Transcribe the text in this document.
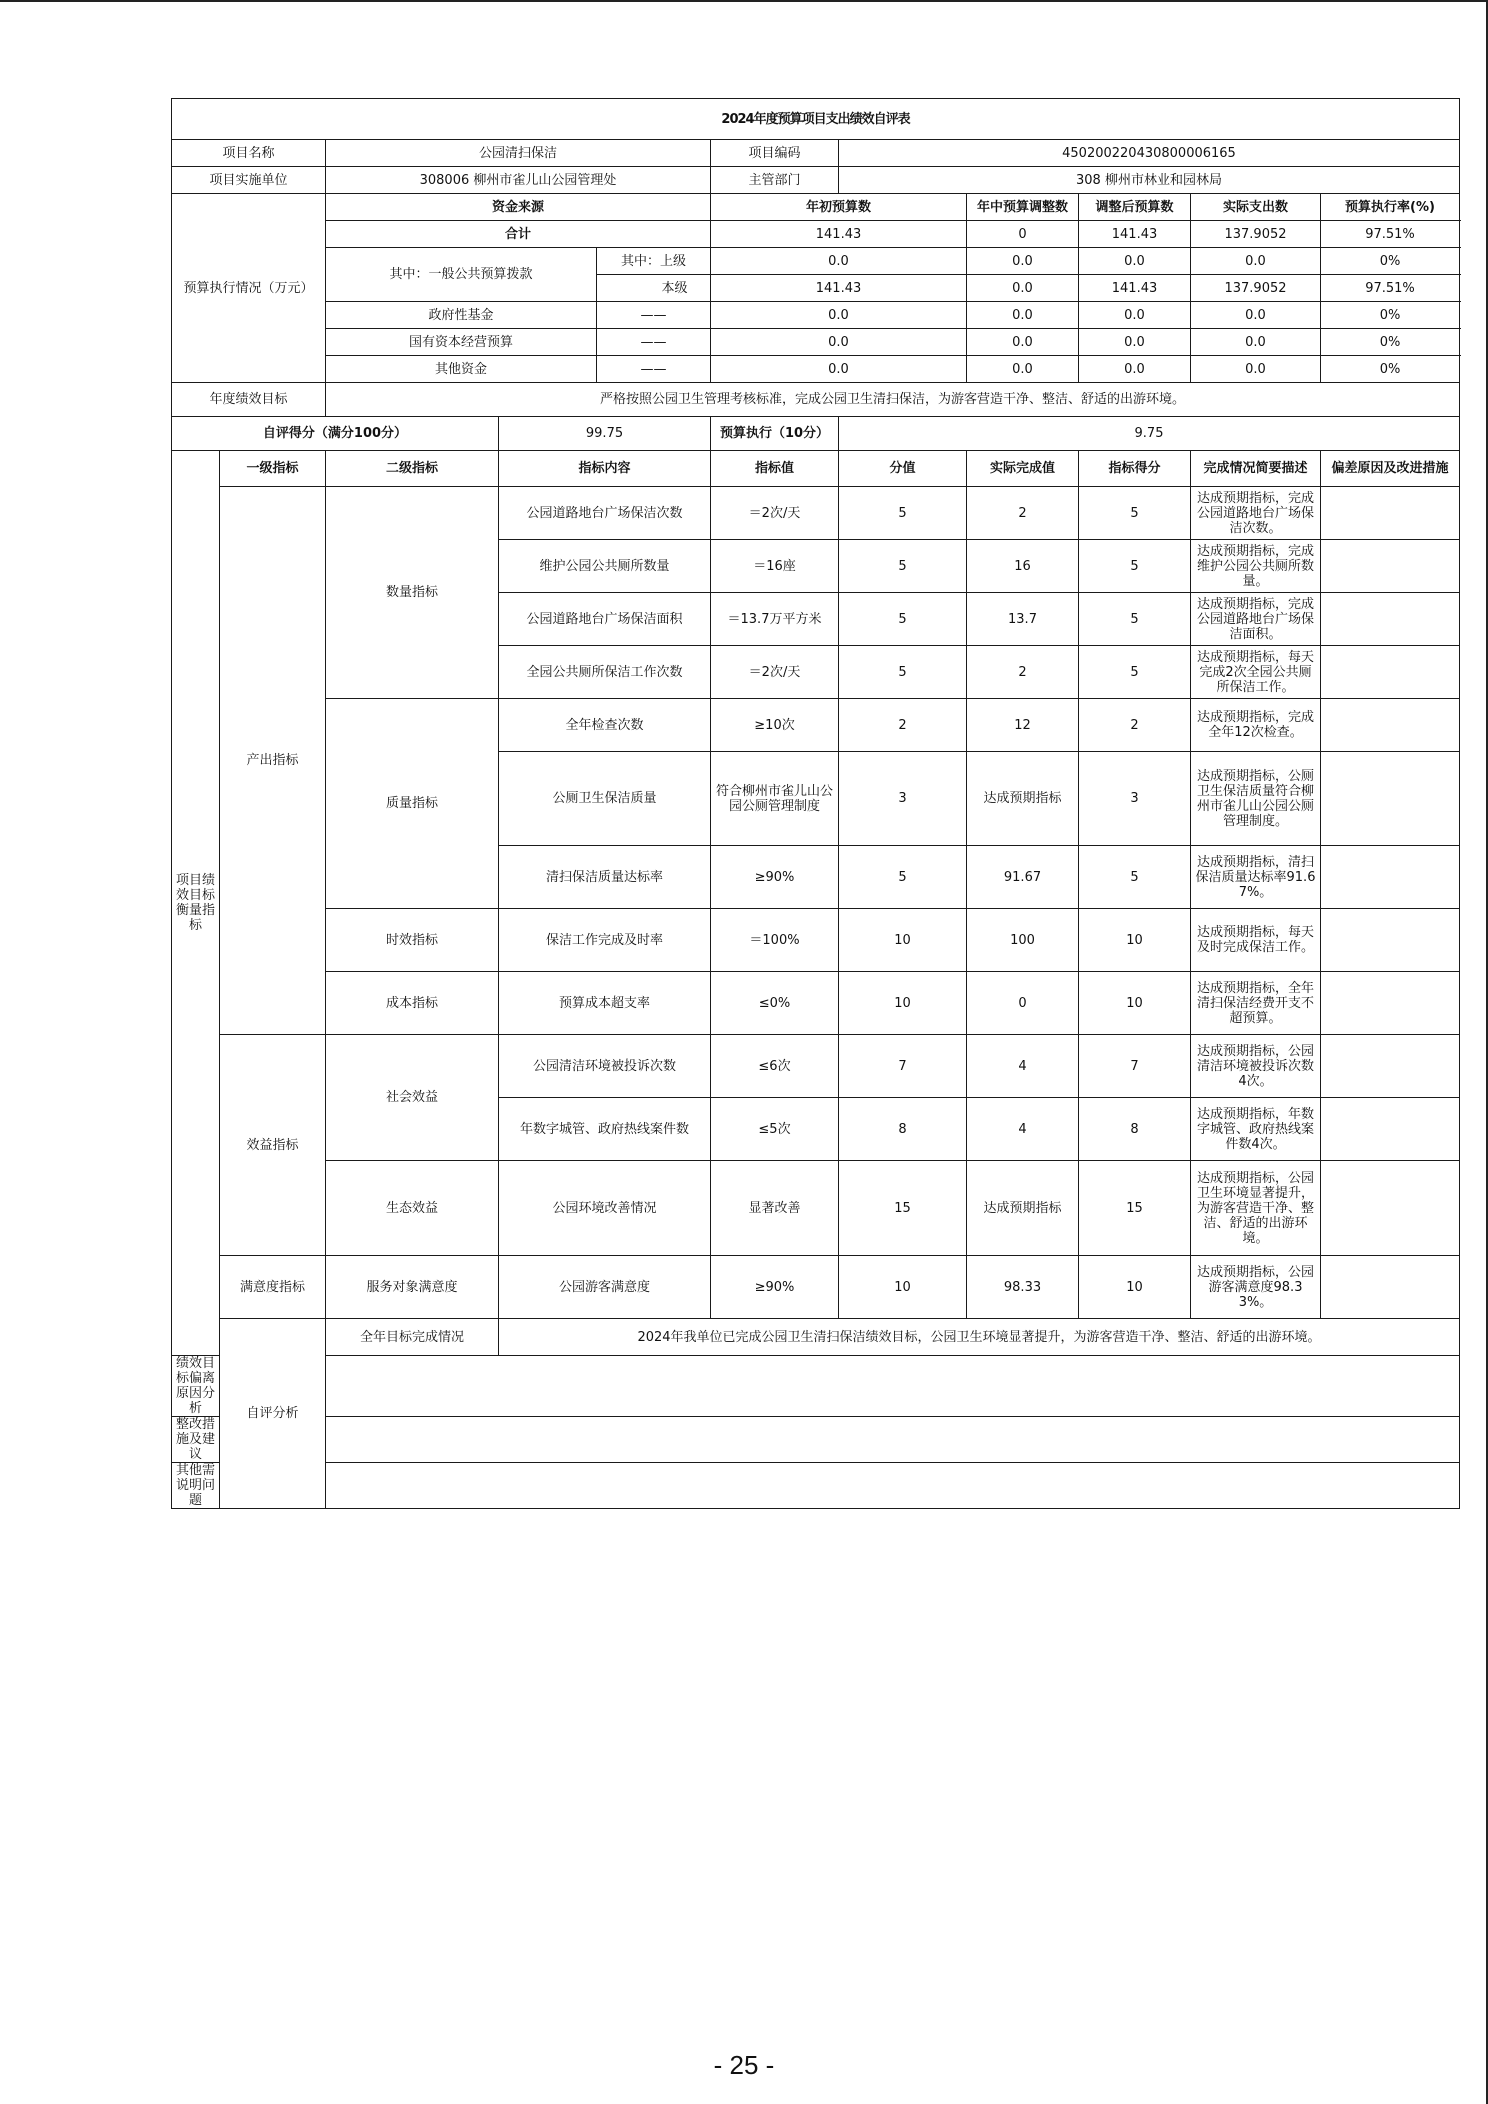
2024年度预算项目支出绩效自评表										
项目名称		公园清扫保洁			项目编码	450200220430800006165				
项目实施单位		308006 柳州市雀儿山公园管理处			主管部门	308 柳州市林业和园林局				
预算执行情况（万元）		资金来源			年初预算数		年中预算调整数	调整后预算数	实际支出数	预算执行率(%)
		合计			141.43		0	141.43	137.9052	97.51%
		其中：一般公共预算拨款		其中：上级	0.0		0.0	0.0	0.0	0%
				本级	141.43		0.0	141.43	137.9052	97.51%
		政府性基金		——	0.0		0.0	0.0	0.0	0%
		国有资本经营预算		——	0.0		0.0	0.0	0.0	0%
		其他资金		——	0.0		0.0	0.0	0.0	0%
年度绩效目标		严格按照公园卫生管理考核标准，完成公园卫生清扫保洁，为游客营造干净、整洁、舒适的出游环境。								
自评得分（满分100分）			99.75		预算执行（10分）	9.75				
项目绩效目标衡量指标	一级指标	二级指标	指标内容		指标值	分值	实际完成值	指标得分	完成情况简要描述	偏差原因及改进措施
	产出指标	数量指标	公园道路地台广场保洁次数		＝2次/天	5	2	5	达成预期指标，完成公园道路地台广场保洁次数。	
			维护公园公共厕所数量		＝16座	5	16	5	达成预期指标，完成维护公园公共厕所数量。	
			公园道路地台广场保洁面积		＝13.7万平方米	5	13.7	5	达成预期指标，完成公园道路地台广场保洁面积。	
			全园公共厕所保洁工作次数		＝2次/天	5	2	5	达成预期指标，每天完成2次全园公共厕所保洁工作。	
		质量指标	全年检查次数		≥10次	2	12	2	达成预期指标，完成全年12次检查。	
			公厕卫生保洁质量		符合柳州市雀儿山公园公厕管理制度	3	达成预期指标	3	达成预期指标，公厕卫生保洁质量符合柳州市雀儿山公园公厕管理制度。	
			清扫保洁质量达标率		≥90%	5	91.67	5	达成预期指标，清扫保洁质量达标率91.67%。	
		时效指标	保洁工作完成及时率		＝100%	10	100	10	达成预期指标，每天及时完成保洁工作。	
		成本指标	预算成本超支率		≤0%	10	0	10	达成预期指标，全年清扫保洁经费开支不超预算。	
	效益指标	社会效益	公园清洁环境被投诉次数		≤6次	7	4	7	达成预期指标，公园清洁环境被投诉次数4次。	
			年数字城管、政府热线案件数		≤5次	8	4	8	达成预期指标，年数字城管、政府热线案件数4次。	
		生态效益	公园环境改善情况		显著改善	15	达成预期指标	15	达成预期指标，公园卫生环境显著提升，为游客营造干净、整洁、舒适的出游环境。	
	满意度指标	服务对象满意度	公园游客满意度		≥90%	10	98.33	10	达成预期指标，公园游客满意度98.33%。	
	自评分析	全年目标完成情况	2024年我单位已完成公园卫生清扫保洁绩效目标，公园卫生环境显著提升，为游客营造干净、整洁、舒适的出游环境。							
绩效目标偏离原因分析										
整改措施及建议										
其他需说明问题										
- 25 -
